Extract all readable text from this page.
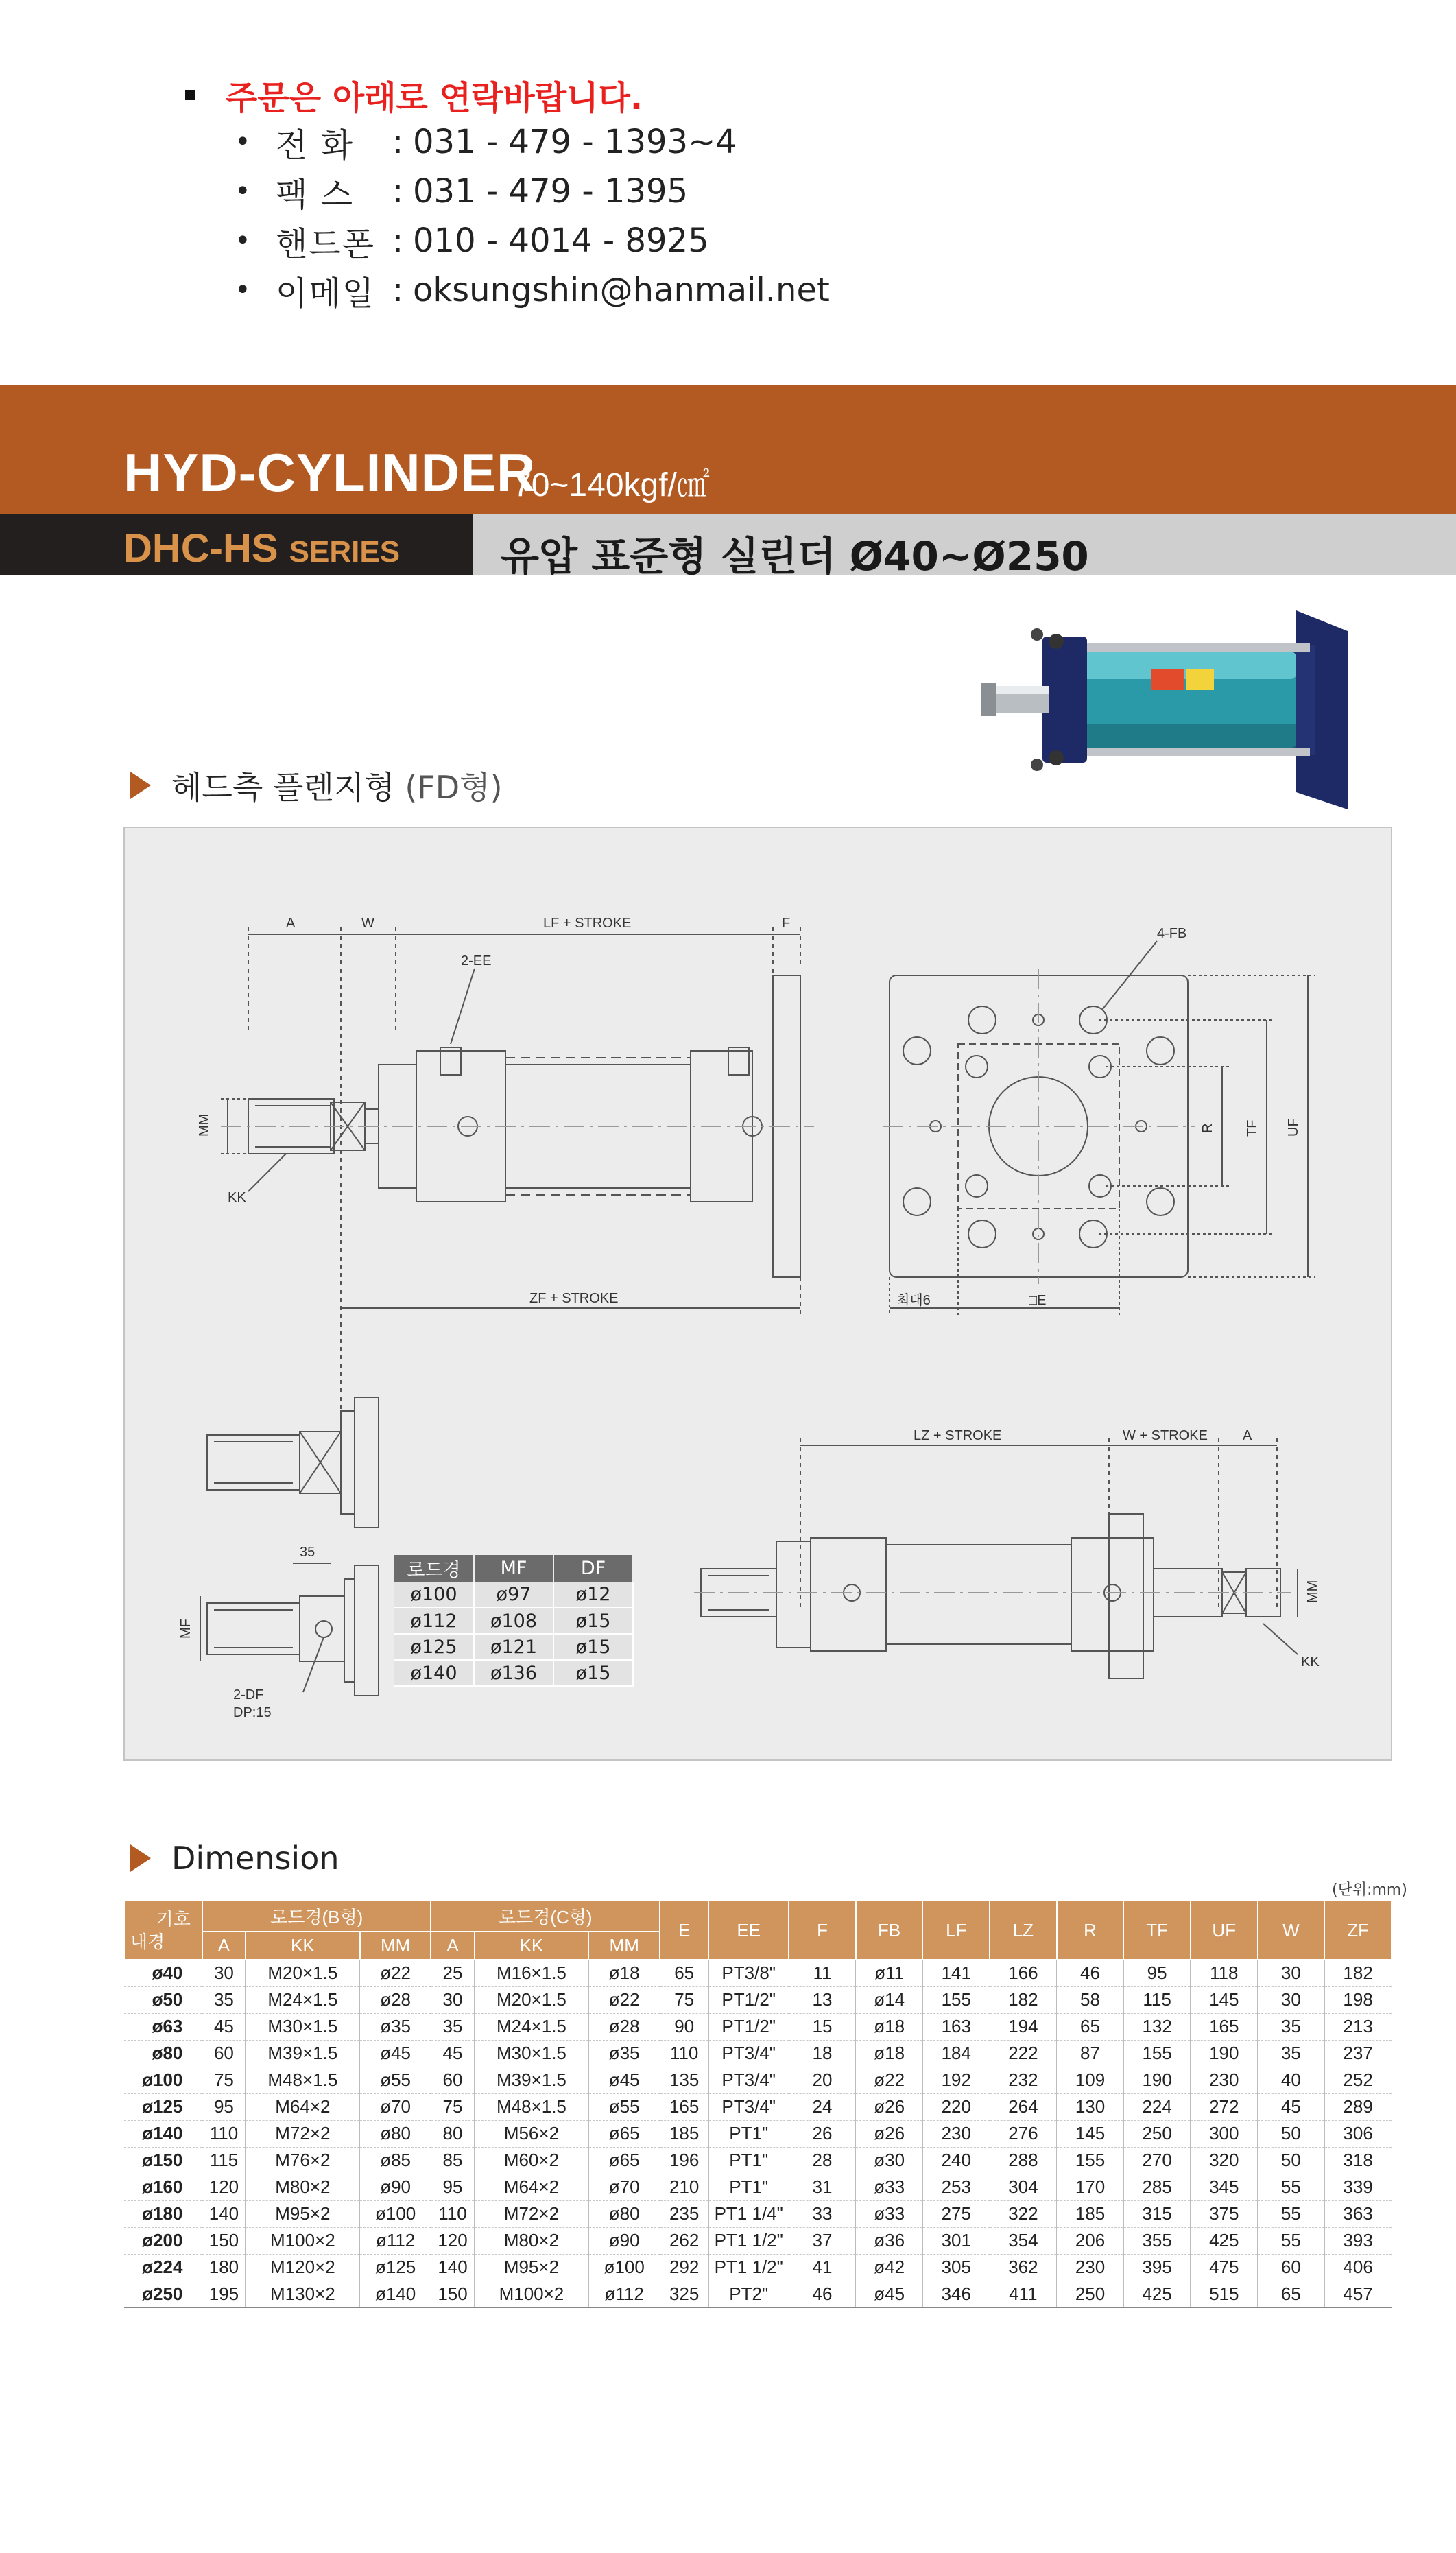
주문은 아래로 연락바랍니다.
• 전 화	: 031 - 479 - 1393~4
• 팩 스	: 031 - 479 - 1395
• 핸드폰 : 010 - 4014 - 8925
• 이메일 : oksungshin@hanmail.net
HYD-CYLINDER
70~140kgf/㎠
DHC-HS SERIES	유압 표준형 실린더 Ø40~Ø250
헤드측 플렌지형
(FD형)
A	W	LF + STROKE	F
2-EE
MM
KK
ZF + STROKE
4-FB
R TF UF
최대6	□E
35
MF
2-DF
DP:15
LZ + STROKE	W + STROKE	A
MM
KK
로드경	MF	DF
ø100	ø97	ø12
ø112	ø108	ø15
ø125	ø121	ø15
ø140	ø136	ø15
Dimension
(단위:mm)
기호
내경	로드경(B형)			로드경(C형)			E	EE	F	FB	LF	LZ	R	TF	UF	W	ZF
	A	KK	MM	A	KK	MM											
ø40	30	M20×1.5	ø22	25	M16×1.5	ø18	65	PT3/8"	11	ø11	141	166	46	95	118	30	182
ø50	35	M24×1.5	ø28	30	M20×1.5	ø22	75	PT1/2"	13	ø14	155	182	58	115	145	30	198
ø63	45	M30×1.5	ø35	35	M24×1.5	ø28	90	PT1/2"	15	ø18	163	194	65	132	165	35	213
ø80	60	M39×1.5	ø45	45	M30×1.5	ø35	110	PT3/4"	18	ø18	184	222	87	155	190	35	237
ø100	75	M48×1.5	ø55	60	M39×1.5	ø45	135	PT3/4"	20	ø22	192	232	109	190	230	40	252
ø125	95	M64×2	ø70	75	M48×1.5	ø55	165	PT3/4"	24	ø26	220	264	130	224	272	45	289
ø140	110	M72×2	ø80	80	M56×2	ø65	185	PT1"	26	ø26	230	276	145	250	300	50	306
ø150	115	M76×2	ø85	85	M60×2	ø65	196	PT1"	28	ø30	240	288	155	270	320	50	318
ø160	120	M80×2	ø90	95	M64×2	ø70	210	PT1"	31	ø33	253	304	170	285	345	55	339
ø180	140	M95×2	ø100	110	M72×2	ø80	235	PT1 1/4"	33	ø33	275	322	185	315	375	55	363
ø200	150	M100×2	ø112	120	M80×2	ø90	262	PT1 1/2"	37	ø36	301	354	206	355	425	55	393
ø224	180	M120×2	ø125	140	M95×2	ø100	292	PT1 1/2"	41	ø42	305	362	230	395	475	60	406
ø250	195	M130×2	ø140	150	M100×2	ø112	325	PT2"	46	ø45	346	411	250	425	515	65	457
